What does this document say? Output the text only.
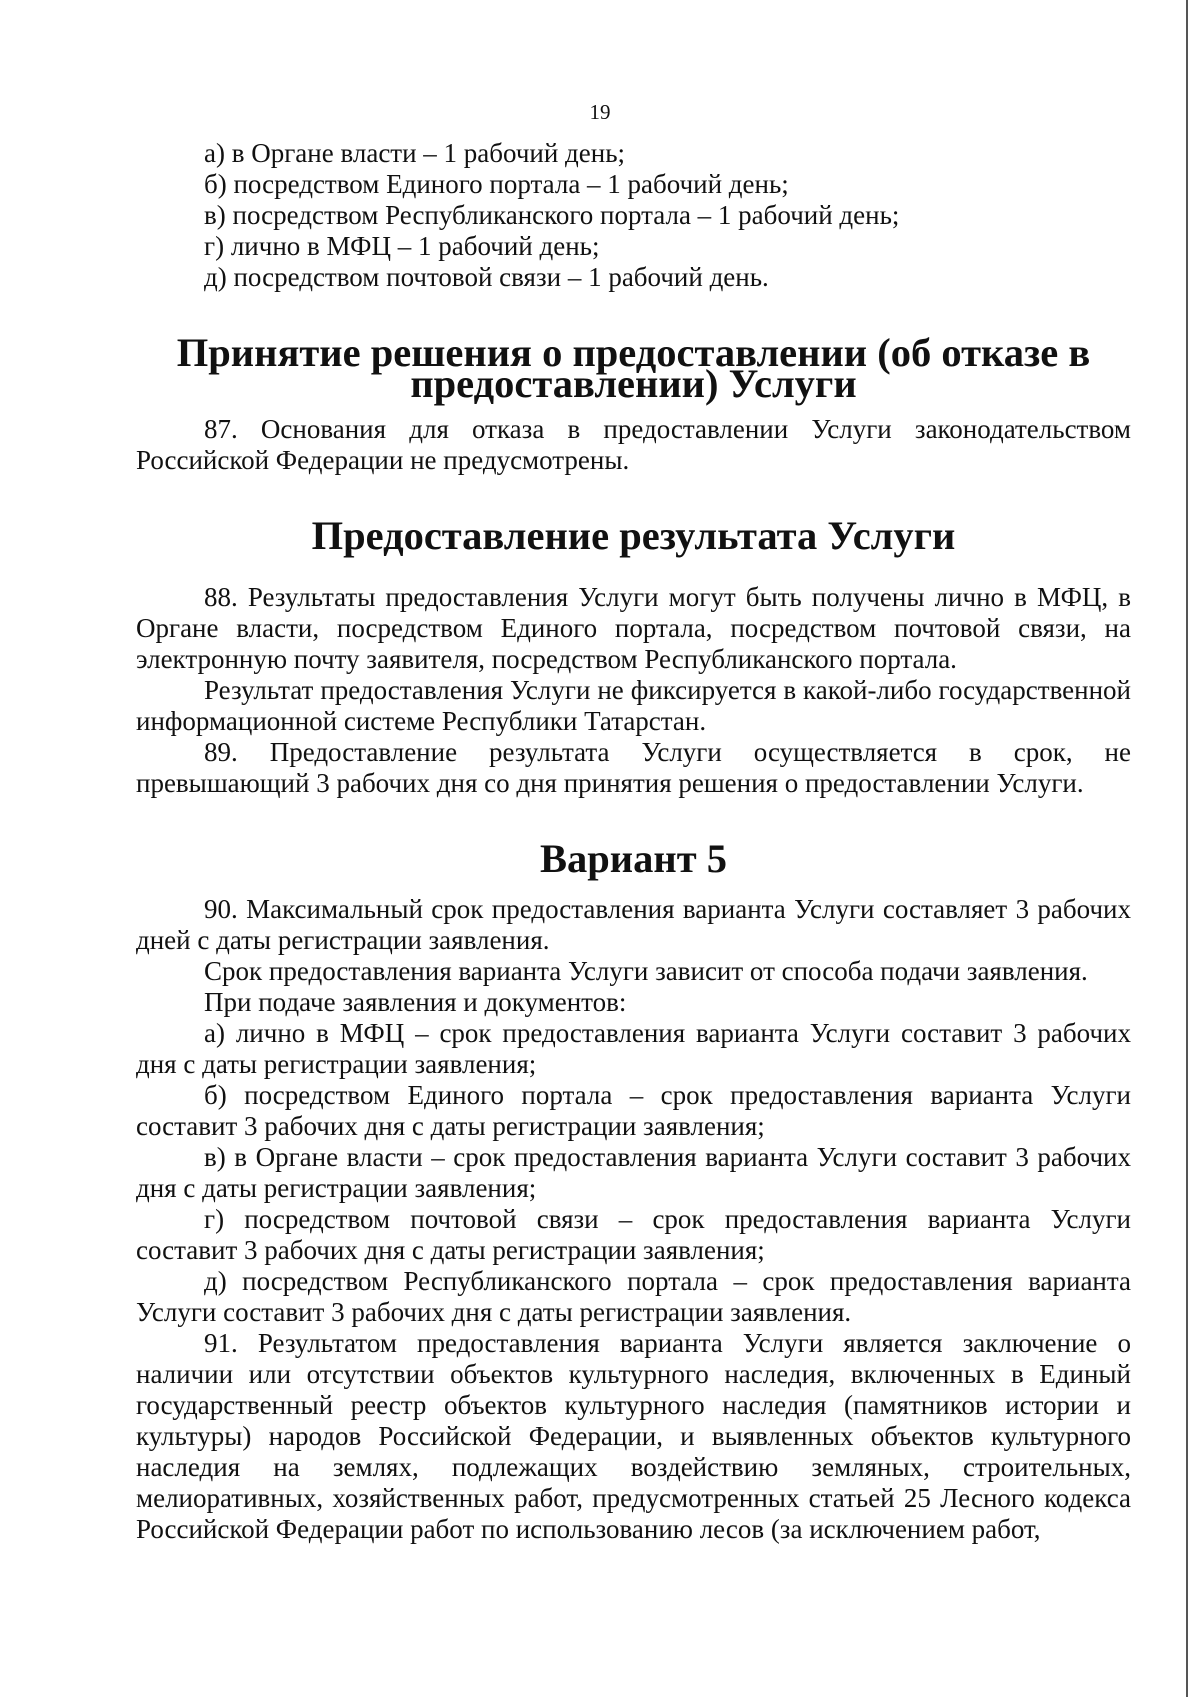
19
а) в Органе власти – 1 рабочий день;
б) посредством Единого портала – 1 рабочий день;
в) посредством Республиканского портала – 1 рабочий день;
г) лично в МФЦ – 1 рабочий день;
д) посредством почтовой связи – 1 рабочий день.
Принятие решения о предоставлении (об отказе в предоставлении) Услуги

87. Основания для отказа в предоставлении Услуги законодательством Российской Федерации не предусмотрены.

Предоставление результата Услуги

88. Результаты предоставления Услуги могут быть получены лично в МФЦ, в Органе власти, посредством Единого портала, посредством почтовой связи, на электронную почту заявителя, посредством Республиканского портала.

Результат предоставления Услуги не фиксируется в какой-либо государственной информационной системе Республики Татарстан.

89. Предоставление результата Услуги осуществляется в срок, не превышающий 3 рабочих дня со дня принятия решения о предоставлении Услуги.

Вариант 5

90. Максимальный срок предоставления варианта Услуги составляет 3 рабочих дней с даты регистрации заявления.

Срок предоставления варианта Услуги зависит от способа подачи заявления.

При подаче заявления и документов:

а) лично в МФЦ – срок предоставления варианта Услуги составит 3 рабочих дня с даты регистрации заявления;

б) посредством Единого портала – срок предоставления варианта Услуги составит 3 рабочих дня с даты регистрации заявления;

в) в Органе власти – срок предоставления варианта Услуги составит 3 рабочих дня с даты регистрации заявления;

г) посредством почтовой связи – срок предоставления варианта Услуги составит 3 рабочих дня с даты регистрации заявления;

д) посредством Республиканского портала – срок предоставления варианта Услуги составит 3 рабочих дня с даты регистрации заявления.

91. Результатом предоставления варианта Услуги является заключение о наличии или отсутствии объектов культурного наследия, включенных в Единый государственный реестр объектов культурного наследия (памятников истории и культуры) народов Российской Федерации, и выявленных объектов культурного наследия на землях, подлежащих воздействию земляных, строительных, мелиоративных, хозяйственных работ, предусмотренных статьей 25 Лесного кодекса Российской Федерации работ по использованию лесов (за исключением работ,
